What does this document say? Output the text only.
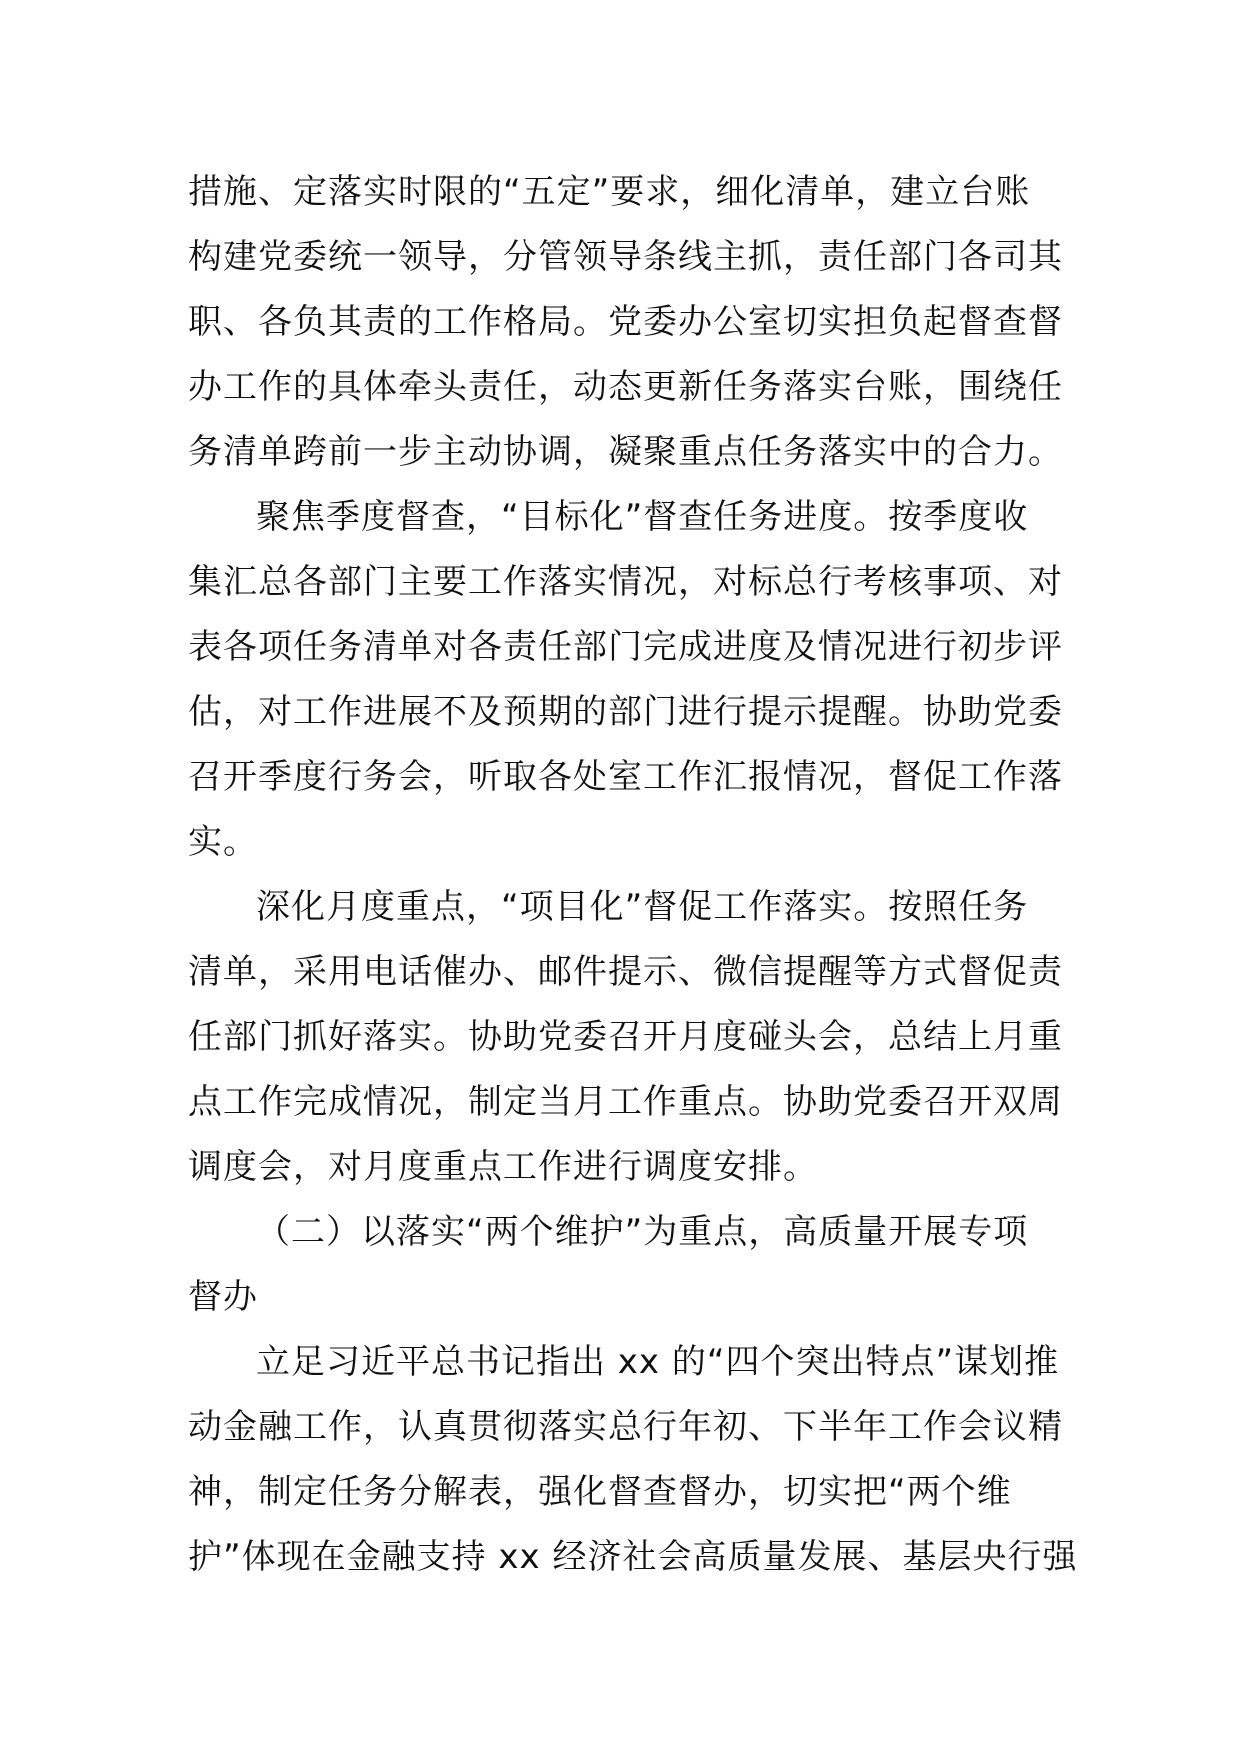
措施、定落实时限的“五定”要求，细化清单，建立台账
构建党委统一领导，分管领导条线主抓，责任部门各司其
职、各负其责的工作格局。党委办公室切实担负起督查督
办工作的具体牵头责任，动态更新任务落实台账，围绕任
务清单跨前一步主动协调，凝聚重点任务落实中的合力。
聚焦季度督查，“目标化”督查任务进度。按季度收
集汇总各部门主要工作落实情况，对标总行考核事项、对
表各项任务清单对各责任部门完成进度及情况进行初步评
估，对工作进展不及预期的部门进行提示提醒。协助党委
召开季度行务会，听取各处室工作汇报情况，督促工作落
实。
深化月度重点，“项目化”督促工作落实。按照任务
清单，采用电话催办、邮件提示、微信提醒等方式督促责
任部门抓好落实。协助党委召开月度碰头会，总结上月重
点工作完成情况，制定当月工作重点。协助党委召开双周
调度会，对月度重点工作进行调度安排。
（二）以落实“两个维护”为重点，高质量开展专项
督办
立足习近平总书记指出 xx 的“四个突出特点”谋划推
动金融工作，认真贯彻落实总行年初、下半年工作会议精
神，制定任务分解表，强化督查督办，切实把“两个维
护”体现在金融支持 xx 经济社会高质量发展、基层央行强
